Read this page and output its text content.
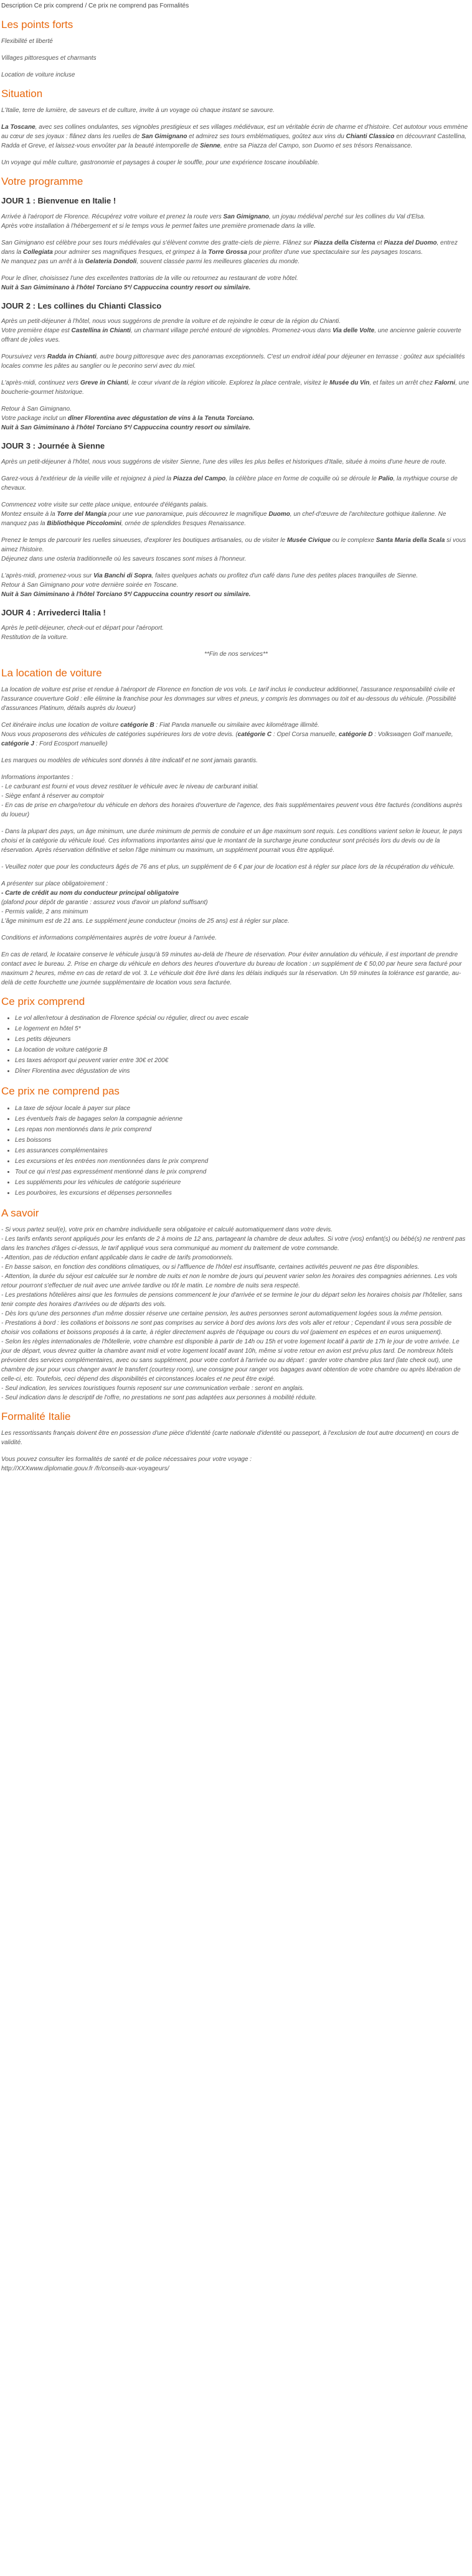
Description Ce prix comprend / Ce prix ne comprend pas Formalités
Les points forts

Flexibilité et liberté

Villages pittoresques et charmants

Location de voiture incluse

Situation

L'Italie, terre de lumière, de saveurs et de culture, invite à un voyage où chaque instant se savoure.

La Toscane, avec ses collines ondulantes, ses vignobles prestigieux et ses villages médiévaux, est un véritable écrin de charme et d'histoire. Cet autotour vous emmène au cœur de ses joyaux : flânez dans les ruelles de San Gimignano et admirez ses tours emblématiques, goûtez aux vins du Chianti Classico en découvrant Castellina, Radda et Greve, et laissez-vous envoûter par la beauté intemporelle de Sienne, entre sa Piazza del Campo, son Duomo et ses trésors Renaissance.

Un voyage qui mêle culture, gastronomie et paysages à couper le souffle, pour une expérience toscane inoubliable.

Votre programme
JOUR 1 : Bienvenue en Italie !

Arrivée à l'aéroport de Florence. Récupérez votre voiture et prenez la route vers San Gimignano, un joyau médiéval perché sur les collines du Val d'Elsa.
Après votre installation à l'hébergement et si le temps vous le permet faites une première promenade dans la ville.

San Gimignano est célèbre pour ses tours médiévales qui s'élèvent comme des gratte-ciels de pierre. Flânez sur Piazza della Cisterna et Piazza del Duomo, entrez dans la Collegiata pour admirer ses magnifiques fresques, et grimpez à la Torre Grossa pour profiter d'une vue spectaculaire sur les paysages toscans.
Ne manquez pas un arrêt à la Gelateria Dondoli, souvent classée parmi les meilleures glaceries du monde.

Pour le dîner, choisissez l'une des excellentes trattorias de la ville ou retournez au restaurant de votre hôtel.
Nuit à San Gimiminano à l'hôtel Torciano 5*/ Cappuccina country resort ou similaire.

JOUR 2 : Les collines du Chianti Classico

Après un petit-déjeuner à l'hôtel, nous vous suggérons de prendre la voiture et de rejoindre le cœur de la région du Chianti.
Votre première étape est Castellina in Chianti, un charmant village perché entouré de vignobles. Promenez-vous dans Via delle Volte, une ancienne galerie couverte offrant de jolies vues.

Poursuivez vers Radda in Chianti, autre bourg pittoresque avec des panoramas exceptionnels. C'est un endroit idéal pour déjeuner en terrasse : goûtez aux spécialités locales comme les pâtes au sanglier ou le pecorino servi avec du miel.

L'après-midi, continuez vers Greve in Chianti, le cœur vivant de la région viticole. Explorez la place centrale, visitez le Musée du Vin, et faites un arrêt chez Falorni, une boucherie-gourmet historique.

Retour à San Gimignano.
Votre package inclut un dîner Florentina avec dégustation de vins à la Tenuta Torciano.
Nuit à San Gimiminano à l'hôtel Torciano 5*/ Cappuccina country resort ou similaire.

JOUR 3 : Journée à Sienne

Après un petit-déjeuner à l'hôtel, nous vous suggérons de visiter Sienne, l'une des villes les plus belles et historiques d'Italie, située à moins d'une heure de route.

Garez-vous à l'extérieur de la vieille ville et rejoignez à pied la Piazza del Campo, la célèbre place en forme de coquille où se déroule le Palio, la mythique course de chevaux.

Commencez votre visite sur cette place unique, entourée d'élégants palais.
Montez ensuite à la Torre del Mangia pour une vue panoramique, puis découvrez le magnifique Duomo, un chef-d'œuvre de l'architecture gothique italienne. Ne manquez pas la Bibliothèque Piccolomini, ornée de splendides fresques Renaissance.

Prenez le temps de parcourir les ruelles sinueuses, d'explorer les boutiques artisanales, ou de visiter le Musée Civique ou le complexe Santa Maria della Scala si vous aimez l'histoire.
Déjeunez dans une osteria traditionnelle où les saveurs toscanes sont mises à l'honneur.

L'après-midi, promenez-vous sur Via Banchi di Sopra, faites quelques achats ou profitez d'un café dans l'une des petites places tranquilles de Sienne.
Retour à San Gimignano pour votre dernière soirée en Toscane.
Nuit à San Gimiminano à l'hôtel Torciano 5*/ Cappuccina country resort ou similaire.

JOUR 4 : Arrivederci Italia !

Après le petit-déjeuner, check-out et départ pour l'aéroport.
Restitution de la voiture.

**Fin de nos services**

La location de voiture

La location de voiture est prise et rendue à l'aéroport de Florence en fonction de vos vols. Le tarif inclus le conducteur additionnel, l'assurance responsabilité civile et l'assurance couverture Gold : elle élimine la franchise pour les dommages sur vitres et pneus, y compris les dommages ou toit et au-dessous du véhicule. (Possibilité d'assurances Platinum, détails auprès du loueur)

Cet itinéraire inclus une location de voiture catégorie B : Fiat Panda manuelle ou similaire avec kilométrage illimité.
Nous vous proposerons des véhicules de catégories supérieures lors de votre devis. (catégorie C : Opel Corsa manuelle, catégorie D : Volkswagen Golf manuelle, catégorie J : Ford Ecosport manuelle)

Les marques ou modèles de véhicules sont donnés à titre indicatif et ne sont jamais garantis.

Informations importantes :
- Le carburant est fourni et vous devez restituer le véhicule avec le niveau de carburant initial.
- Siège enfant à réserver au comptoir
- En cas de prise en charge/retour du véhicule en dehors des horaires d'ouverture de l'agence, des frais supplémentaires peuvent vous être facturés (conditions auprès du loueur)

- Dans la plupart des pays, un âge minimum, une durée minimum de permis de conduire et un âge maximum sont requis. Les conditions varient selon le loueur, le pays choisi et la catégorie du véhicule loué. Ces informations importantes ainsi que le montant de la surcharge jeune conducteur sont précisés lors du devis ou de la réservation. Après réservation définitive et selon l'âge minimum ou maximum, un supplément pourrait vous être appliqué.

- Veuillez noter que pour les conducteurs âgés de 76 ans et plus, un supplément de 6 € par jour de location est à régler sur place lors de la récupération du véhicule.

A présenter sur place obligatoirement :
- Carte de crédit au nom du conducteur principal obligatoire
(plafond pour dépôt de garantie : assurez vous d'avoir un plafond suffisant)
- Permis valide, 2 ans minimum
L'âge minimum est de 21 ans. Le supplément jeune conducteur (moins de 25 ans) est à régler sur place.

Conditions et informations complémentaires auprès de votre loueur à l'arrivée.

En cas de retard, le locataire conserve le véhicule jusqu'à 59 minutes au-delà de l'heure de réservation. Pour éviter annulation du véhicule, il est important de prendre contact avec le bureau. 2. Prise en charge du véhicule en dehors des heures d'ouverture du bureau de location : un supplément de € 50,00 par heure sera facturé pour maximum 2 heures, même en cas de retard de vol. 3. Le véhicule doit être livré dans les délais indiqués sur la réservation. Un 59 minutes la tolérance est garantie, au-delà de cette fourchette une journée supplémentaire de location vous sera facturée.

Ce prix comprend
• Le vol aller/retour à destination de Florence spécial ou régulier, direct ou avec escale
• Le logement en hôtel 5*
• Les petits déjeuners
• La location de voiture catégorie B
• Les taxes aéroport qui peuvent varier entre 30€ et 200€
• Dîner Florentina avec dégustation de vins
Ce prix ne comprend pas
• La taxe de séjour locale à payer sur place
• Les éventuels frais de bagages selon la compagnie aérienne
• Les repas non mentionnés dans le prix comprend
• Les boissons
• Les assurances complémentaires
• Les excursions et les entrées non mentionnées dans le prix comprend
• Tout ce qui n'est pas expressément mentionné dans le prix comprend
• Les suppléments pour les véhicules de catégorie supérieure
• Les pourboires, les excursions et dépenses personnelles
A savoir

- Si vous partez seul(e), votre prix en chambre individuelle sera obligatoire et calculé automatiquement dans votre devis.
- Les tarifs enfants seront appliqués pour les enfants de 2 à moins de 12 ans, partageant la chambre de deux adultes. Si votre (vos) enfant(s) ou bébé(s) ne rentrent pas dans les tranches d'âges ci-dessus, le tarif appliqué vous sera communiqué au moment du traitement de votre commande.
- Attention, pas de réduction enfant applicable dans le cadre de tarifs promotionnels.
- En basse saison, en fonction des conditions climatiques, ou si l'affluence de l'hôtel est insuffisante, certaines activités peuvent ne pas être disponibles.
- Attention, la durée du séjour est calculée sur le nombre de nuits et non le nombre de jours qui peuvent varier selon les horaires des compagnies aériennes. Les vols retour pourront s'effectuer de nuit avec une arrivée tardive ou tôt le matin. Le nombre de nuits sera respecté.
- Les prestations hôtelières ainsi que les formules de pensions commencent le jour d'arrivée et se termine le jour du départ selon les horaires choisis par l'hôtelier, sans tenir compte des horaires d'arrivées ou de départs des vols.
- Dès lors qu'une des personnes d'un même dossier réserve une certaine pension, les autres personnes seront automatiquement logées sous la même pension.
- Prestations à bord : les collations et boissons ne sont pas comprises au service à bord des avions lors des vols aller et retour ; Cependant il vous sera possible de choisir vos collations et boissons proposés à la carte, à régler directement auprès de l'équipage ou cours du vol (paiement en espèces et en euros uniquement).
- Selon les règles internationales de l'hôtellerie, votre chambre est disponible à partir de 14h ou 15h et votre logement locatif à partir de 17h le jour de votre arrivée. Le jour de départ, vous devrez quitter la chambre avant midi et votre logement locatif avant 10h, même si votre retour en avion est prévu plus tard. De nombreux hôtels prévoient des services complémentaires, avec ou sans supplément, pour votre confort à l'arrivée ou au départ : garder votre chambre plus tard (late check out), une chambre de jour pour vous changer avant le transfert (courtesy room), une consigne pour ranger vos bagages avant obtention de votre chambre ou après libération de celle-ci, etc. Toutefois, ceci dépend des disponibilités et circonstances locales et ne peut être exigé.
- Seul indication, les services touristiques fournis reposent sur une communication verbale : seront en anglais.
- Seul indication dans le descriptif de l'offre, no prestations ne sont pas adaptées aux personnes à mobilité réduite.

Formalité Italie

Les ressortissants français doivent être en possession d'une pièce d'identité (carte nationale d'identité ou passeport, à l'exclusion de tout autre document) en cours de validité.

Vous pouvez consulter les formalités de santé et de police nécessaires pour votre voyage :
http://XXXwww.diplomatie.gouv.fr /fr/conseils-aux-voyageurs/
